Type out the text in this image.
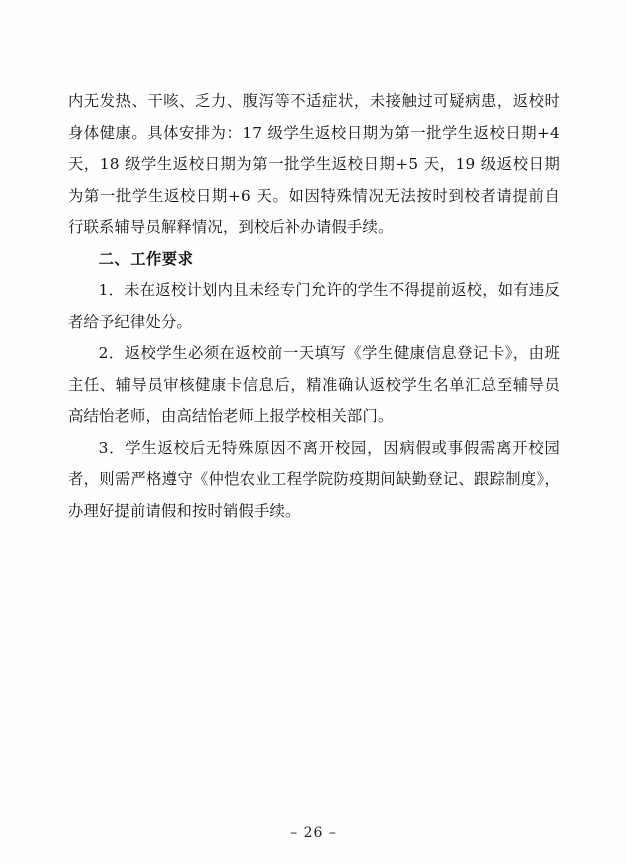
内无发热、干咳、乏力、腹泻等不适症状，未接触过可疑病患，返校时身体健康。具体安排为：17 级学生返校日期为第一批学生返校日期+4 天，18 级学生返校日期为第一批学生返校日期+5 天，19 级返校日期为第一批学生返校日期+6 天。如因特殊情况无法按时到校者请提前自行联系辅导员解释情况，到校后补办请假手续。

二、工作要求

1．未在返校计划内且未经专门允许的学生不得提前返校，如有违反者给予纪律处分。

2．返校学生必须在返校前一天填写《学生健康信息登记卡》，由班主任、辅导员审核健康卡信息后，精准确认返校学生名单汇总至辅导员高结怡老师，由高结怡老师上报学校相关部门。

3．学生返校后无特殊原因不离开校园，因病假或事假需离开校园者，则需严格遵守《仲恺农业工程学院防疫期间缺勤登记、跟踪制度》，办理好提前请假和按时销假手续。

– 26 –
